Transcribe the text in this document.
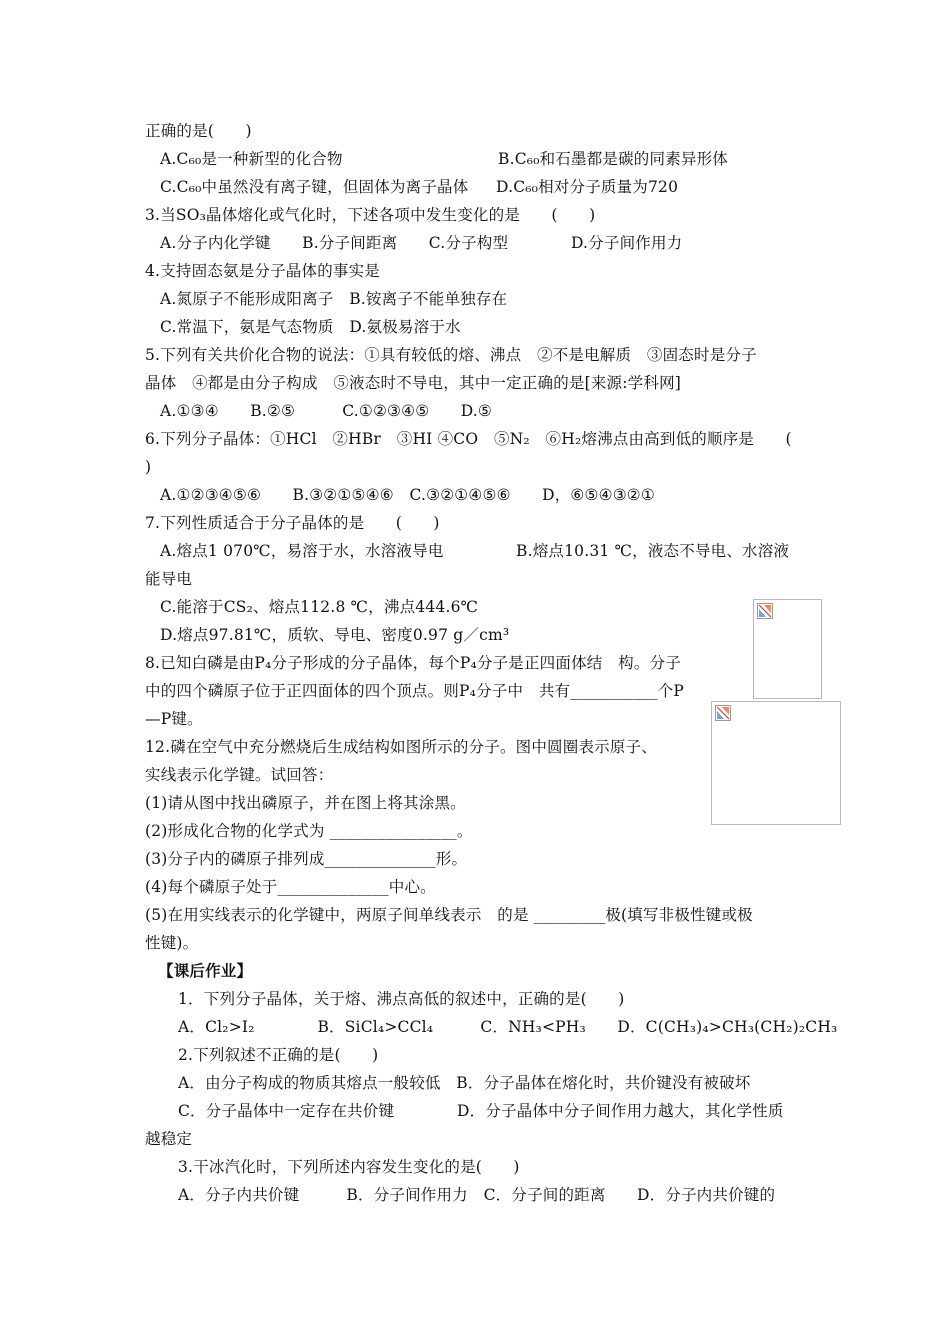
正确的是(　　)
A.C₆₀是一种新型的化合物	B.C₆₀和石墨都是碳的同素异形体
C.C₆₀中虽然没有离子键，但固体为离子晶体 D.C₆₀相对分子质量为720
3.当SO₃晶体熔化或气化时，下述各项中发生变化的是　　(　　)
A.分子内化学键　　B.分子间距离　　C.分子构型　　　　D.分子间作用力
4.支持固态氨是分子晶体的事实是
A.氮原子不能形成阳离子　B.铵离子不能单独存在
C.常温下，氨是气态物质　D.氨极易溶于水
5.下列有关共价化合物的说法：①具有较低的熔、沸点　②不是电解质　③固态时是分子
晶体　④都是由分子构成　⑤液态时不导电，其中一定正确的是[来源:学科网]
A.①③④　　B.②⑤　　　C.①②③④⑤　　D.⑤
6.下列分子晶体：①HCl　②HBr　③HI ④CO　⑤N₂　⑥H₂熔沸点由高到低的顺序是　　(
)
A.①②③④⑤⑥　　B.③②①⑤④⑥　C.③②①④⑤⑥　　D，⑥⑤④③②①
7.下列性质适合于分子晶体的是　　(　　)
A.熔点1 070℃，易溶于水，水溶液导电	B.熔点10.31 ℃，液态不导电、水溶液
能导电
C.能溶于CS₂、熔点112.8 ℃，沸点444.6℃
D.熔点97.81℃，质软、导电、密度0.97 g／cm³
8.已知白磷是由P₄分子形成的分子晶体，每个P₄分子是正四面体结　构。分子
中的四个磷原子位于正四面体的四个顶点。则P₄分子中　共有___________个P
—P键。
12.磷在空气中充分燃烧后生成结构如图所示的分子。图中圆圈表示原子、
实线表示化学键。试回答：
(1)请从图中找出磷原子，并在图上将其涂黑。
(2)形成化合物的化学式为 ________________。
(3)分子内的磷原子排列成______________形。
(4)每个磷原子处于______________中心。
(5)在用实线表示的化学键中，两原子间单线表示　的是 _________极(填写非极性键或极
性键)。
【课后作业】
1．下列分子晶体，关于熔、沸点高低的叙述中，正确的是(　　)
A．Cl₂>I₂　　　　B．SiCl₄>CCl₄　　　C．NH₃<PH₃　　D．C(CH₃)₄>CH₃(CH₂)₂CH₃
2.下列叙述不正确的是(　　)
A．由分子构成的物质其熔点一般较低　B．分子晶体在熔化时，共价键没有被破坏
C．分子晶体中一定存在共价键　　　　D．分子晶体中分子间作用力越大，其化学性质
越稳定
3.干冰汽化时，下列所述内容发生变化的是(　　)
A．分子内共价键　　　B．分子间作用力　C．分子间的距离　　D．分子内共价键的
